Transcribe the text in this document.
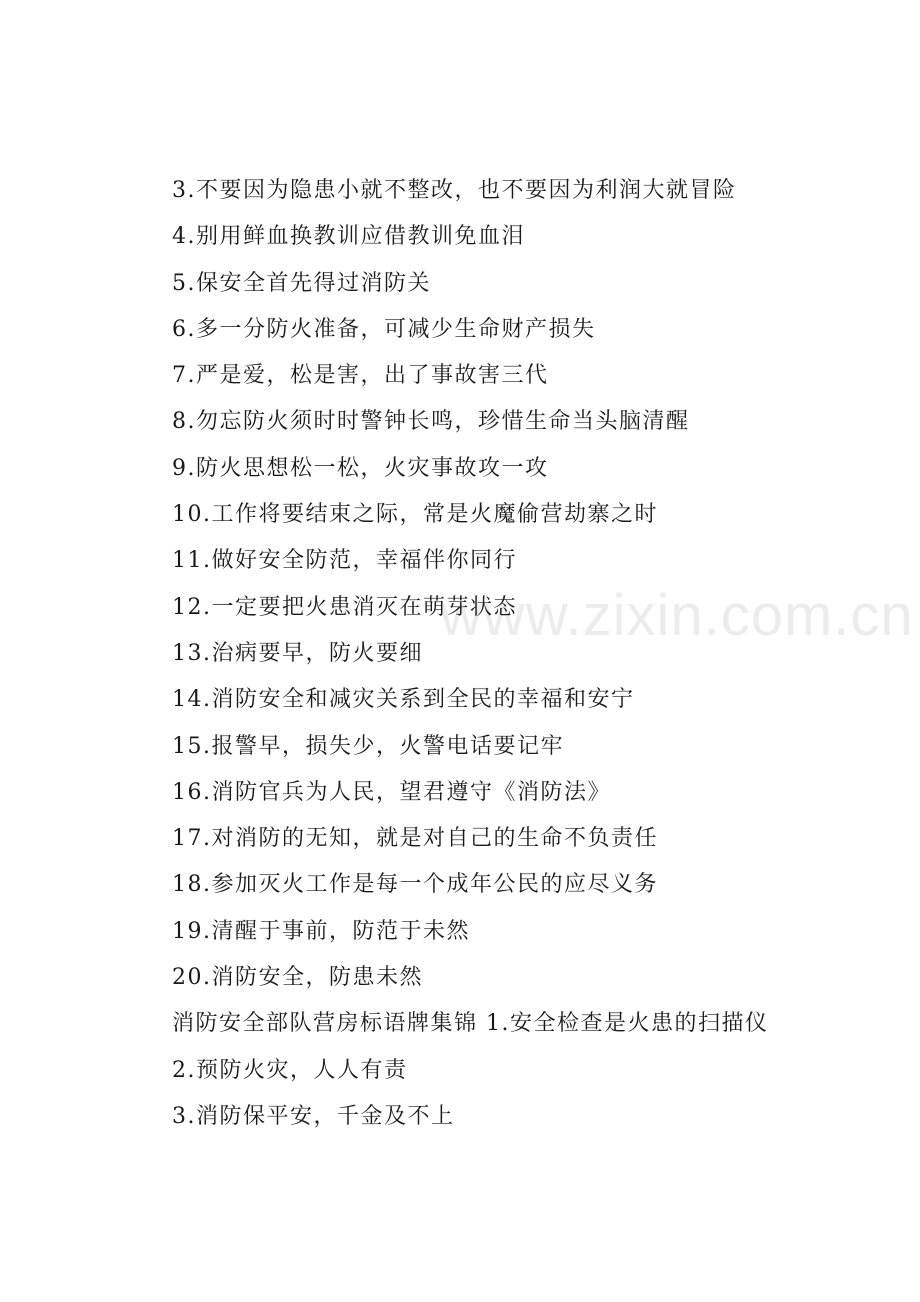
www.zixin.com.cn
3.不要因为隐患小就不整改，也不要因为利润大就冒险
4.别用鲜血换教训应借教训免血泪
5.保安全首先得过消防关
6.多一分防火准备，可减少生命财产损失
7.严是爱，松是害，出了事故害三代
8.勿忘防火须时时警钟长鸣，珍惜生命当头脑清醒
9.防火思想松一松，火灾事故攻一攻
10.工作将要结束之际，常是火魔偷营劫寨之时
11.做好安全防范，幸福伴你同行
12.一定要把火患消灭在萌芽状态
13.治病要早，防火要细
14.消防安全和减灾关系到全民的幸福和安宁
15.报警早，损失少，火警电话要记牢
16.消防官兵为人民，望君遵守《消防法》
17.对消防的无知，就是对自己的生命不负责任
18.参加灭火工作是每一个成年公民的应尽义务
19.清醒于事前，防范于未然
20.消防安全，防患未然
消防安全部队营房标语牌集锦 1.安全检查是火患的扫描仪
2.预防火灾，人人有责
3.消防保平安，千金及不上
